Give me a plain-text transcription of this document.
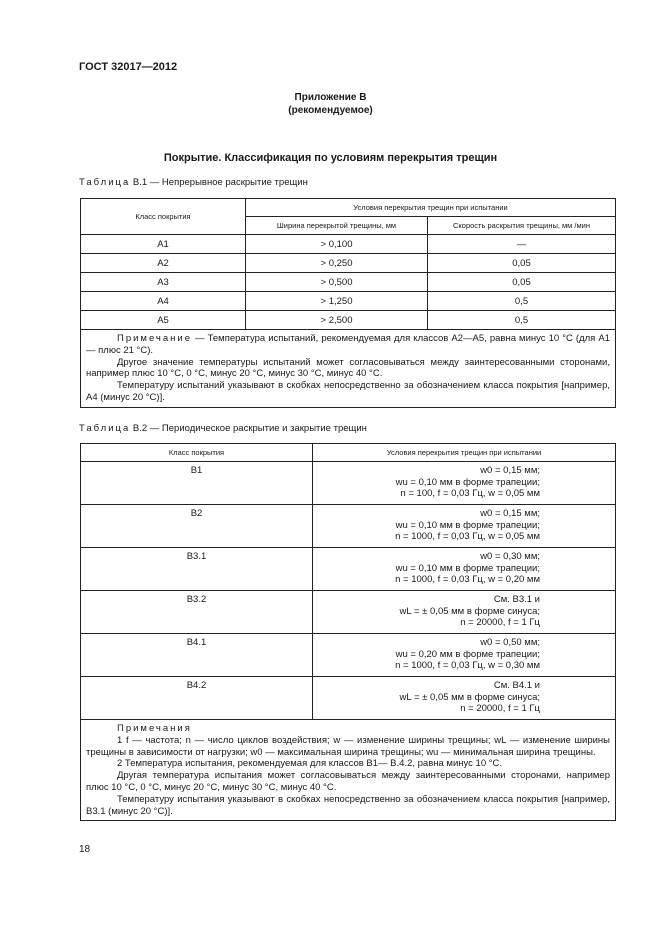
ГОСТ 32017—2012
Приложение В
(рекомендуемое)
Покрытие. Классификация по условиям перекрытия трещин
Таблица В.1 — Непрерывное раскрытие трещин
Класс покрытия	Условия перекрытия трещин при испытании	
	Ширина перекрытой трещины, мм	Скорость раскрытия трещины, мм /мин
А1	> 0,100	—
А2	> 0,250	0,05
А3	> 0,500	0,05
А4	> 1,250	0,5
А5	> 2,500	0,5

Примечание — Температура испытаний, рекомендуемая для классов А2—А5, равна минус 10 °С (для А1 — плюс 21 °С).

Другое значение температуры испытаний может согласовываться между заинтересованными сторонами, например плюс 10 °С, 0 °С, минус 20 °С, минус 30 °С, минус 40 °С.

Температуру испытаний указывают в скобках непосредственно за обозначением класса покрытия [например, А4 (минус 20 °С)].		

Таблица В.2 — Периодическое раскрытие и закрытие трещин
Класс покрытия	Условия перекрытия трещин при испытании
B1	w0 = 0,15 мм;
wu = 0,10 мм в форме трапеции;
n = 100, f = 0,03 Гц, w = 0,05 мм

B2	w0 = 0,15 мм;
wu = 0,10 мм в форме трапеции;
n = 1000, f = 0,03 Гц, w = 0,05 мм

B3.1	w0 = 0,30 мм;
wu = 0,10 мм в форме трапеции;
n = 1000, f = 0,03 Гц, w = 0,20 мм

B3.2	См. В3.1 и
wL = ± 0,05 мм в форме синуса;
n = 20000, f = 1 Гц

B4.1	w0 = 0,50 мм;
wu = 0,20 мм в форме трапеции;
n = 1000, f = 0,03 Гц, w = 0,30 мм

B4.2	См. В4.1 и
wL = ± 0,05 мм в форме синуса;
n = 20000, f = 1 Гц

Примечания

1 f — частота; n — число циклов воздействия; w — изменение ширины трещины; wL — изменение ширины трещины в зависимости от нагрузки; w0 — максимальная ширина трещины; wu — минимальная ширина трещины.

2 Температура испытания, рекомендуемая для классов В1— В.4.2, равна минус 10 °С.

Другая температура испытания может согласовываться между заинтересованными сторонами, например плюс 10 °С, 0 °С, минус 20 °С, минус 30 °С, минус 40 °С.

Температуру испытания указывают в скобках непосредственно за обозначением класса покрытия [например, В3.1 (минус 20 °С)].	

18
